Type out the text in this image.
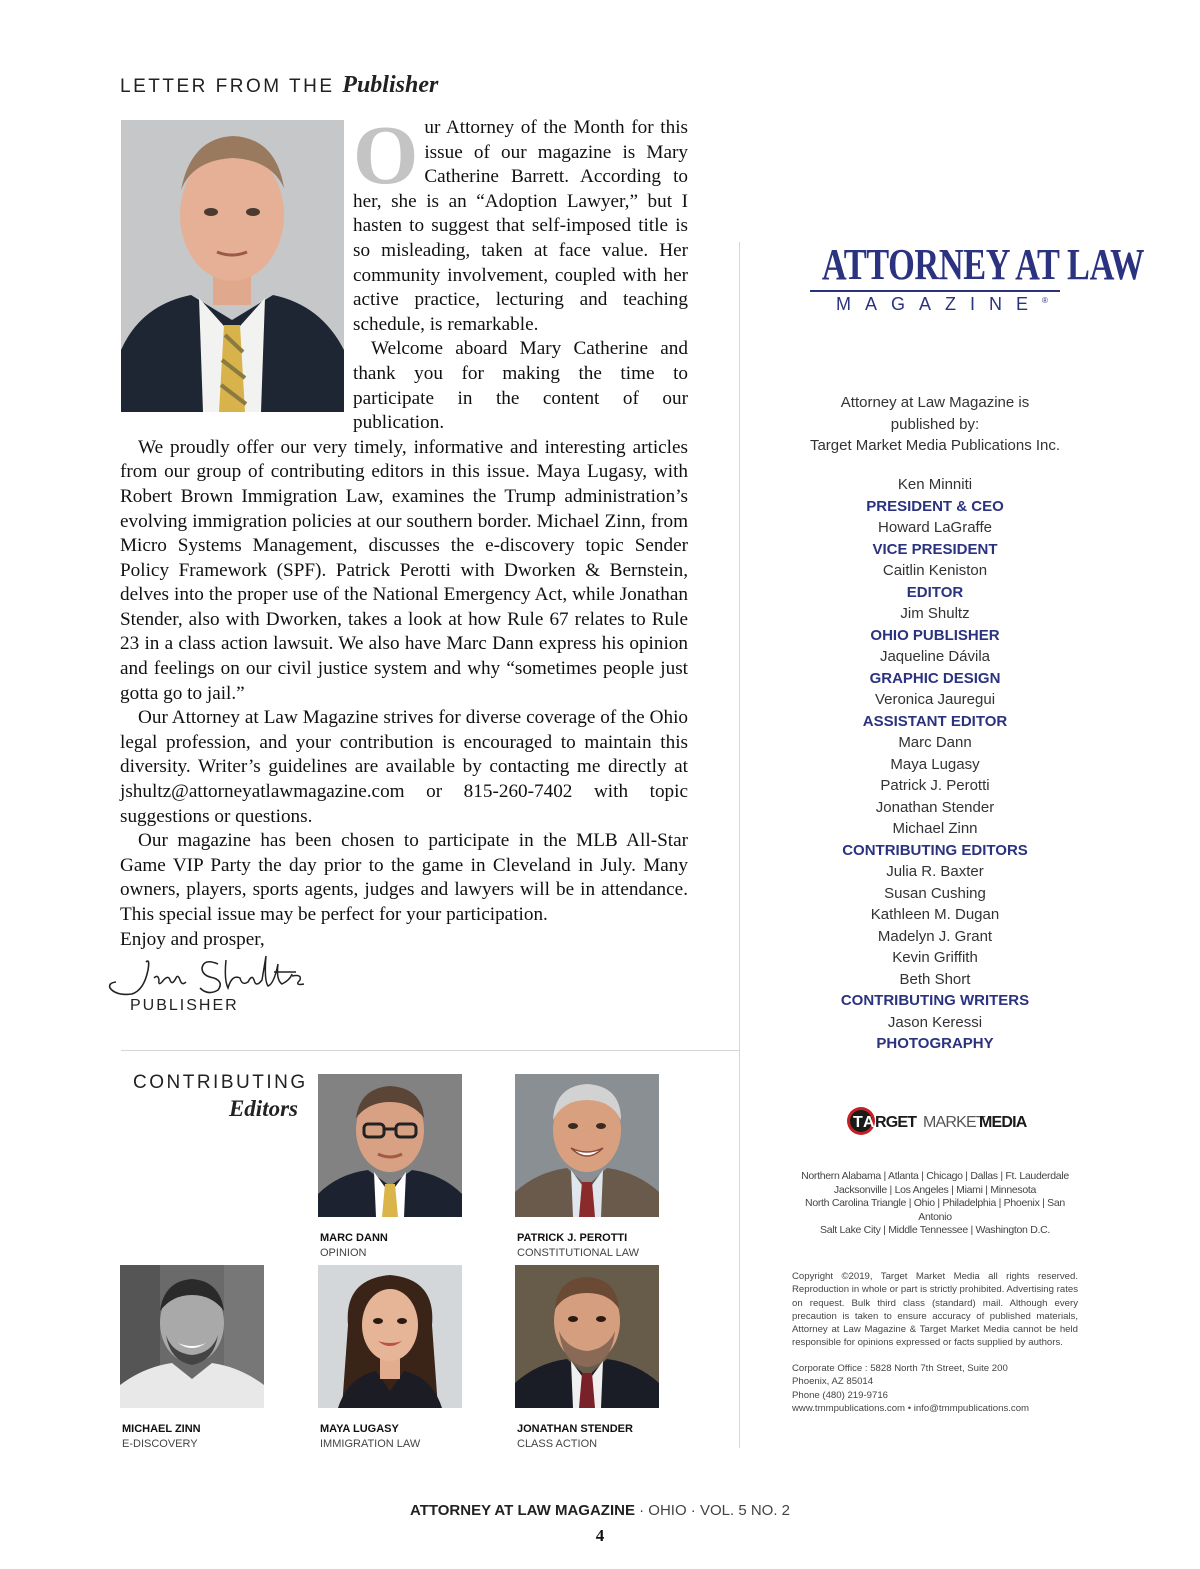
LETTER FROM THE Publisher

Our Attorney of the Month for this issue of our magazine is Mary Catherine Barrett. According to her, she is an “Adoption Lawyer,” but I hasten to suggest that self-imposed title is so misleading, taken at face value. Her community involvement, coupled with her active practice, lecturing and teaching schedule, is remarkable.

Welcome aboard Mary Catherine and thank you for making the time to participate in the content of our publication.

We proudly offer our very timely, informative and interesting articles from our group of contributing editors in this issue. Maya Lugasy, with Robert Brown Immigration Law, examines the Trump administration’s evolving immigration policies at our southern border. Michael Zinn, from Micro Systems Management, discusses the e-discovery topic Sender Policy Framework (SPF). Patrick Perotti with Dworken & Bernstein, delves into the proper use of the National Emergency Act, while Jonathan Stender, also with Dworken, takes a look at how Rule 67 relates to Rule 23 in a class action lawsuit. We also have Marc Dann express his opinion and feelings on our civil justice system and why “sometimes people just gotta go to jail.”

Our Attorney at Law Magazine strives for diverse coverage of the Ohio legal profession, and your contribution is encouraged to maintain this diversity. Writer’s guidelines are available by contacting me directly at jshultz@attorneyatlawmagazine.com or 815-260-7402 with topic suggestions or questions.

Our magazine has been chosen to participate in the MLB All-Star Game VIP Party the day prior to the game in Cleveland in July. Many owners, players, sports agents, judges and lawyers will be in attendance. This special issue may be perfect for your participation.

Enjoy and prosper,

PUBLISHER
CONTRIBUTING
Editors
MARC DANN
OPINION
PATRICK J. PEROTTI
CONSTITUTIONAL LAW
MICHAEL ZINN
E-DISCOVERY
MAYA LUGASY
IMMIGRATION LAW
JONATHAN STENDER
CLASS ACTION
ATTORNEY AT LAW
MAGAZINE®
Attorney at Law Magazine is
published by:
Target Market Media Publications Inc.
Ken Minniti
PRESIDENT & CEO
Howard LaGraffe
VICE PRESIDENT
Caitlin Keniston
EDITOR
Jim Shultz
OHIO PUBLISHER
Jaqueline Dávila
GRAPHIC DESIGN
Veronica Jauregui
ASSISTANT EDITOR
Marc Dann
Maya Lugasy
Patrick J. Perotti
Jonathan Stender
Michael Zinn
CONTRIBUTING EDITORS
Julia R. Baxter
Susan Cushing
Kathleen M. Dugan
Madelyn J. Grant
Kevin Griffith
Beth Short
CONTRIBUTING WRITERS
Jason Keressi
PHOTOGRAPHY
T A RGET MARKET
MEDIA
Northern Alabama | Atlanta | Chicago | Dallas | Ft. Lauderdale
Jacksonville | Los Angeles | Miami | Minnesota
North Carolina Triangle | Ohio | Philadelphia | Phoenix | San Antonio
Salt Lake City | Middle Tennessee | Washington D.C.
Copyright ©2019, Target Market Media all rights reserved. Reproduction in whole or part is strictly prohibited. Advertising rates on request. Bulk third class (standard) mail. Although every precaution is taken to ensure accuracy of published materials, Attorney at Law Magazine & Target Market Media cannot be held responsible for opinions expressed or facts supplied by authors.
Corporate Office : 5828 North 7th Street, Suite 200
Phoenix, AZ 85014
Phone (480) 219-9716
www.tmmpublications.com • info@tmmpublications.com
ATTORNEY AT LAW MAGAZINE · OHIO · VOL. 5 NO. 2
4
